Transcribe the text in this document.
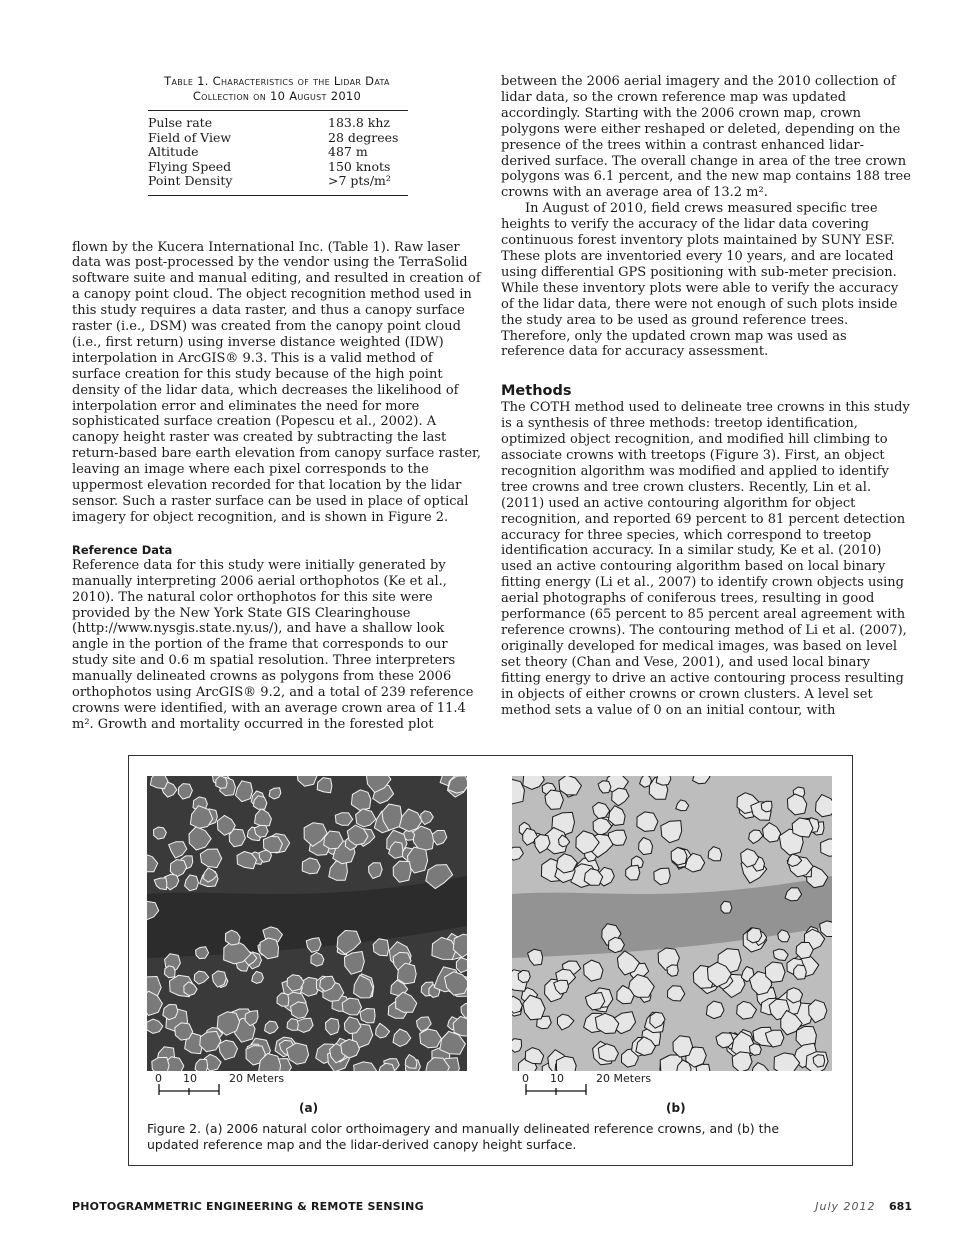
Table 1. Characteristics of the Lidar Data
Collection on 10 August 2010
Pulse rate	183.8 khz
Field of View	28 degrees
Altitude	487 m
Flying Speed	150 knots
Point Density	>7 pts/m²

flown by the Kucera International Inc. (Table 1). Raw laser data was post-processed by the vendor using the TerraSolid software suite and manual editing, and resulted in creation of a canopy point cloud. The object recognition method used in this study requires a data raster, and thus a canopy surface raster (i.e., DSM) was created from the canopy point cloud (i.e., first return) using inverse distance weighted (IDW) interpolation in ArcGIS® 9.3. This is a valid method of surface creation for this study because of the high point density of the lidar data, which decreases the likelihood of interpolation error and eliminates the need for more sophisticated surface creation (Popescu et al., 2002). A canopy height raster was created by subtracting the last return-based bare earth elevation from canopy surface raster, leaving an image where each pixel corresponds to the uppermost elevation recorded for that location by the lidar sensor. Such a raster surface can be used in place of optical imagery for object recognition, and is shown in Figure 2.

Reference Data

Reference data for this study were initially generated by manually interpreting 2006 aerial orthophotos (Ke et al., 2010). The natural color orthophotos for this site were provided by the New York State GIS Clearinghouse (http://www.nysgis.state.ny.us/), and have a shallow look angle in the portion of the frame that corresponds to our study site and 0.6 m spatial resolution. Three interpreters manually delineated crowns as polygons from these 2006 orthophotos using ArcGIS® 9.2, and a total of 239 reference crowns were identified, with an average crown area of 11.4 m². Growth and mortality occurred in the forested plot

between the 2006 aerial imagery and the 2010 collection of lidar data, so the crown reference map was updated accordingly. Starting with the 2006 crown map, crown polygons were either reshaped or deleted, depending on the presence of the trees within a contrast enhanced lidar-derived surface. The overall change in area of the tree crown polygons was 6.1 percent, and the new map contains 188 tree crowns with an average area of 13.2 m².

In August of 2010, field crews measured specific tree heights to verify the accuracy of the lidar data covering continuous forest inventory plots maintained by SUNY ESF. These plots are inventoried every 10 years, and are located using differential GPS positioning with sub-meter precision. While these inventory plots were able to verify the accuracy of the lidar data, there were not enough of such plots inside the study area to be used as ground reference trees. Therefore, only the updated crown map was used as reference data for accuracy assessment.

Methods

The COTH method used to delineate tree crowns in this study is a synthesis of three methods: treetop identification, optimized object recognition, and modified hill climbing to associate crowns with treetops (Figure 3). First, an object recognition algorithm was modified and applied to identify tree crowns and tree crown clusters. Recently, Lin et al. (2011) used an active contouring algorithm for object recognition, and reported 69 percent to 81 percent detection accuracy for three species, which correspond to treetop identification accuracy. In a similar study, Ke et al. (2010) used an active contouring algorithm based on local binary fitting energy (Li et al., 2007) to identify crown objects using aerial photographs of coniferous trees, resulting in good performance (65 percent to 85 percent areal agreement with reference crowns). The contouring method of Li et al. (2007), originally developed for medical images, was based on level set theory (Chan and Vese, 2001), and used local binary fitting energy to drive an active contouring process resulting in objects of either crowns or crown clusters. A level set method sets a value of 0 on an initial contour, with

0 10	20 Meters	0 10	20 Meters
(a)	(b)
Figure 2. (a) 2006 natural color orthoimagery and manually delineated reference crowns, and (b) the updated reference map and the lidar-derived canopy height surface.
PHOTOGRAMMETRIC ENGINEERING & REMOTE SENSING	July 2012 681
